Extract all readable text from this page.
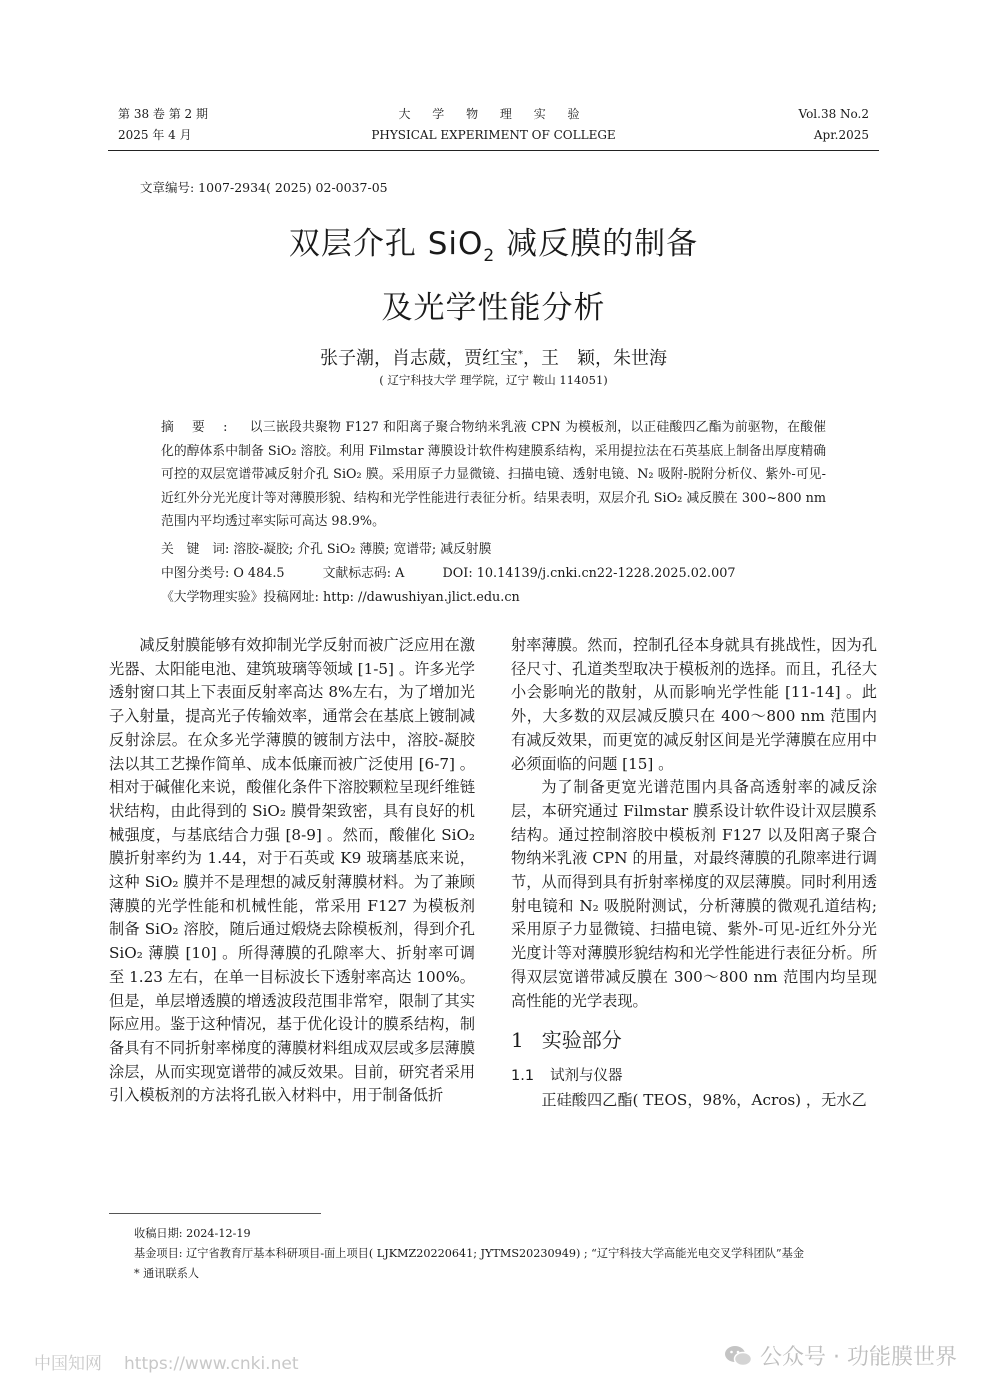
第 38 卷 第 2 期
2025 年 4 月
大 学 物 理 实 验
PHYSICAL EXPERIMENT OF COLLEGE
Vol.38 No.2
Apr.2025
文章编号: 1007-2934( 2025) 02-0037-05
双层介孔 SiO$_2$ 减反膜的制备
及光学性能分析
张子潮，肖志葳，贾红宝*，王　颖，朱世海
( 辽宁科技大学 理学院，辽宁 鞍山 114051)
摘要: 以三嵌段共聚物 F127 和阳离子聚合物纳米乳液 CPN 为模板剂，以正硅酸四乙酯为前驱物，在酸催化的醇体系中制备 SiO₂ 溶胶。利用 Filmstar 薄膜设计软件构建膜系结构，采用提拉法在石英基底上制备出厚度精确可控的双层宽谱带减反射介孔 SiO₂ 膜。采用原子力显微镜、扫描电镜、透射电镜、N₂ 吸附-脱附分析仪、紫外-可见-近红外分光光度计等对薄膜形貌、结构和光学性能进行表征分析。结果表明，双层介孔 SiO₂ 减反膜在 300~800 nm 范围内平均透过率实际可高达 98.9%。
关　键　词: 溶胶-凝胶; 介孔 SiO₂ 薄膜; 宽谱带; 减反射膜
中图分类号: O 484.5	文献标志码: A	DOI: 10.14139/j.cnki.cn22-1228.2025.02.007
《大学物理实验》投稿网址: http: //dawushiyan.jlict.edu.cn

减反射膜能够有效抑制光学反射而被广泛应用在激光器、太阳能电池、建筑玻璃等领域 [1-5] 。许多光学透射窗口其上下表面反射率高达 8%左右，为了增加光子入射量，提高光子传输效率，通常会在基底上镀制减反射涂层。在众多光学薄膜的镀制方法中，溶胶-凝胶法以其工艺操作简单、成本低廉而被广泛使用 [6-7] 。相对于碱催化来说，酸催化条件下溶胶颗粒呈现纤维链状结构，由此得到的 SiO₂ 膜骨架致密，具有良好的机械强度，与基底结合力强 [8-9] 。然而，酸催化 SiO₂ 膜折射率约为 1.44，对于石英或 K9 玻璃基底来说，这种 SiO₂ 膜并不是理想的减反射薄膜材料。为了兼顾薄膜的光学性能和机械性能，常采用 F127 为模板剂制备 SiO₂ 溶胶，随后通过煅烧去除模板剂，得到介孔 SiO₂ 薄膜 [10] 。所得薄膜的孔隙率大、折射率可调至 1.23 左右，在单一目标波长下透射率高达 100%。但是，单层增透膜的增透波段范围非常窄，限制了其实际应用。鉴于这种情况，基于优化设计的膜系结构，制备具有不同折射率梯度的薄膜材料组成双层或多层薄膜涂层，从而实现宽谱带的减反效果。目前，研究者采用引入模板剂的方法将孔嵌入材料中，用于制备低折

射率薄膜。然而，控制孔径本身就具有挑战性，因为孔径尺寸、孔道类型取决于模板剂的选择。而且，孔径大小会影响光的散射，从而影响光学性能 [11-14] 。此外，大多数的双层减反膜只在 400～800 nm 范围内有减反效果，而更宽的减反射区间是光学薄膜在应用中必须面临的问题 [15] 。

为了制备更宽光谱范围内具备高透射率的减反涂层，本研究通过 Filmstar 膜系设计软件设计双层膜系结构。通过控制溶胶中模板剂 F127 以及阳离子聚合物纳米乳液 CPN 的用量，对最终薄膜的孔隙率进行调节，从而得到具有折射率梯度的双层薄膜。同时利用透射电镜和 N₂ 吸脱附测试，分析薄膜的微观孔道结构; 采用原子力显微镜、扫描电镜、紫外-可见-近红外分光光度计等对薄膜形貌结构和光学性能进行表征分析。所得双层宽谱带减反膜在 300～800 nm 范围内均呈现高性能的光学表现。

1 实验部分
1.1 试剂与仪器

正硅酸四乙酯( TEOS，98%，Acros) ，无水乙

收稿日期: 2024-12-19
基金项目: 辽宁省教育厅基本科研项目-面上项目( LJKMZ20220641; JYTMS20230949) ; “辽宁科技大学高能光电交叉学科团队”基金
* 通讯联系人
中国知网 https://www.cnki.net	公众号 · 功能膜世界
